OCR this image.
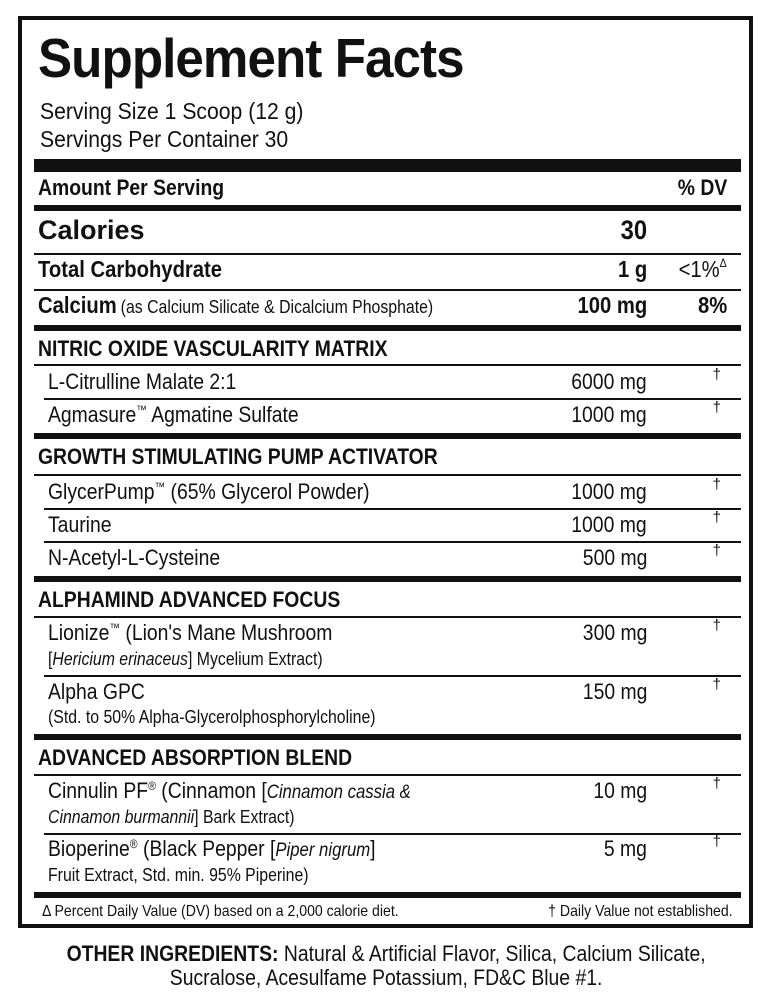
Supplement Facts
Serving Size 1 Scoop (12 g)
Servings Per Container 30
Amount Per Serving	% DV
Calories	30
Total Carbohydrate	1 g <1%$^\Delta$
Calcium (as Calcium Silicate & Dicalcium Phosphate)	100 mg 8%
NITRIC OXIDE VASCULARITY MATRIX
L-Citrulline Malate 2:1	6000 mg	†
Agmasure™ Agmatine Sulfate	1000 mg	†
GROWTH STIMULATING PUMP ACTIVATOR
GlycerPump™ (65% Glycerol Powder)	1000 mg	†
Taurine	1000 mg	†
N-Acetyl-L-Cysteine	500 mg	†
ALPHAMIND ADVANCED FOCUS
Lionize™ (Lion's Mane Mushroom
[Hericium erinaceus] Mycelium Extract)
300 mg	†
Alpha GPC
(Std. to 50% Alpha-Glycerolphosphorylcholine)
150 mg	†
ADVANCED ABSORPTION BLEND
Cinnulin PF® (Cinnamon [Cinnamon cassia &
Cinnamon burmannii] Bark Extract)
10 mg	†
Bioperine® (Black Pepper [Piper nigrum]
Fruit Extract, Std. min. 95% Piperine)
5 mg	†
Δ Percent Daily Value (DV) based on a 2,000 calorie diet.	† Daily Value not established.
OTHER INGREDIENTS: Natural & Artificial Flavor, Silica, Calcium Silicate,
Sucralose, Acesulfame Potassium, FD&C Blue #1.
